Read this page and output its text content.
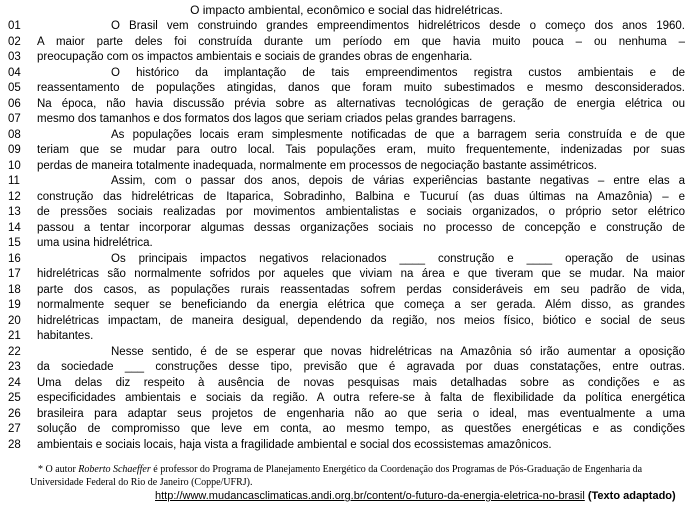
O impacto ambiental, econômico e social das hidrelétricas.
01	O Brasil vem construindo grandes empreendimentos hidrelétricos desde o começo dos anos 1960.
02	A maior parte deles foi construída durante um período em que havia muito pouca – ou nenhuma –
03	preocupação com os impactos ambientais e sociais de grandes obras de engenharia.
04	O histórico da implantação de tais empreendimentos registra custos ambientais e de
05	reassentamento de populações atingidas, danos que foram muito subestimados e mesmo desconsiderados.
06	Na época, não havia discussão prévia sobre as alternativas tecnológicas de geração de energia elétrica ou
07	mesmo dos tamanhos e dos formatos dos lagos que seriam criados pelas grandes barragens.
08	As populações locais eram simplesmente notificadas de que a barragem seria construída e de que
09	teriam que se mudar para outro local. Tais populações eram, muito frequentemente, indenizadas por suas
10	perdas de maneira totalmente inadequada, normalmente em processos de negociação bastante assimétricos.
11	Assim, com o passar dos anos, depois de várias experiências bastante negativas – entre elas a
12	construção das hidrelétricas de Itaparica, Sobradinho, Balbina e Tucuruí (as duas últimas na Amazônia) – e
13	de pressões sociais realizadas por movimentos ambientalistas e sociais organizados, o próprio setor elétrico
14	passou a tentar incorporar algumas dessas organizações sociais no processo de concepção e construção de
15	uma usina hidrelétrica.
16	Os principais impactos negativos relacionados ____ construção e ____ operação de usinas
17	hidrelétricas são normalmente sofridos por aqueles que viviam na área e que tiveram que se mudar. Na maior
18	parte dos casos, as populações rurais reassentadas sofrem perdas consideráveis em seu padrão de vida,
19	normalmente sequer se beneficiando da energia elétrica que começa a ser gerada. Além disso, as grandes
20	hidrelétricas impactam, de maneira desigual, dependendo da região, nos meios físico, biótico e social de seus
21	habitantes.
22	Nesse sentido, é de se esperar que novas hidrelétricas na Amazônia só irão aumentar a oposição
23	da sociedade ___ construções desse tipo, previsão que é agravada por duas constatações, entre outras.
24	Uma delas diz respeito à ausência de novas pesquisas mais detalhadas sobre as condições e as
25	especificidades ambientais e sociais da região. A outra refere-se à falta de flexibilidade da política energética
26	brasileira para adaptar seus projetos de engenharia não ao que seria o ideal, mas eventualmente a uma
27	solução de compromisso que leve em conta, ao mesmo tempo, as questões energéticas e as condições
28	ambientais e sociais locais, haja vista a fragilidade ambiental e social dos ecossistemas amazônicos.
* O autor Roberto Schaeffer é professor do Programa de Planejamento Energético da Coordenação dos Programas de Pós-Graduação de Engenharia da Universidade Federal do Rio de Janeiro (Coppe/UFRJ).
http://www.mudancasclimaticas.andi.org.br/content/o-futuro-da-energia-eletrica-no-brasil (Texto adaptado)
